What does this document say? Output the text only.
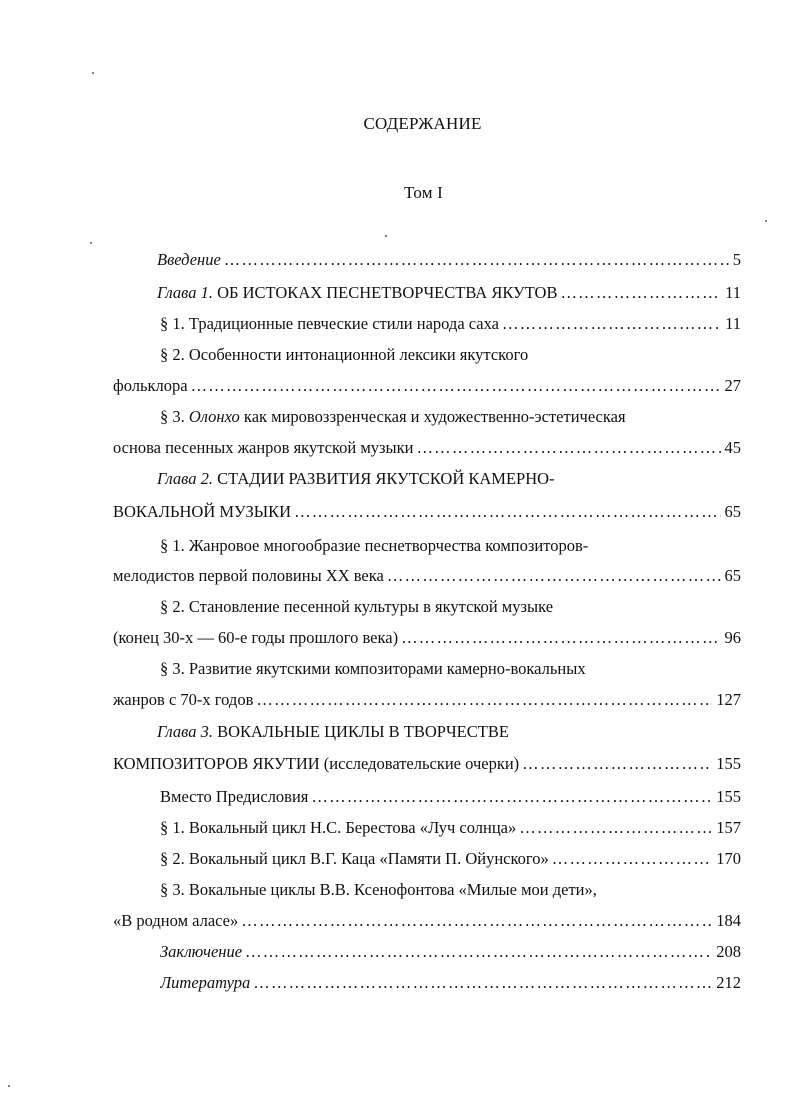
СОДЕРЖАНИЕ
Том I
Введение ……………………………………………………………………………………………………………………………………………………………	5
Глава 1. ОБ ИСТОКАХ ПЕСНЕТВОРЧЕСТВА ЯКУТОВ ……………………………………………………………………………………………………………………………………………………………	11
§ 1. Традиционные певческие стили народа саха ……………………………………………………………………………………………………………………………………………………………	11
§ 2. Особенности интонационной лексики якутского
фольклора ……………………………………………………………………………………………………………………………………………………………	27
§ 3. Олонхо как мировоззренческая и художественно-эстетическая
основа песенных жанров якутской музыки ……………………………………………………………………………………………………………………………………………………………	45
Глава 2. СТАДИИ РАЗВИТИЯ ЯКУТСКОЙ КАМЕРНО-
ВОКАЛЬНОЙ МУЗЫКИ ……………………………………………………………………………………………………………………………………………………………	65
§ 1. Жанровое многообразие песнетворчества композиторов-
мелодистов первой половины XX века ……………………………………………………………………………………………………………………………………………………………	65
§ 2. Становление песенной культуры в якутской музыке
(конец 30-х — 60-е годы прошлого века) ……………………………………………………………………………………………………………………………………………………………	96
§ 3. Развитие якутскими композиторами камерно-вокальных
жанров с 70-х годов ……………………………………………………………………………………………………………………………………………………………	127
Глава 3. ВОКАЛЬНЫЕ ЦИКЛЫ В ТВОРЧЕСТВЕ
КОМПОЗИТОРОВ ЯКУТИИ (исследовательские очерки) ……………………………………………………………………………………………………………………………………………………………	155
Вместо Предисловия ……………………………………………………………………………………………………………………………………………………………	155
§ 1. Вокальный цикл Н.С. Берестова «Луч солнца» ……………………………………………………………………………………………………………………………………………………………	157
§ 2. Вокальный цикл В.Г. Каца «Памяти П. Ойунского» ……………………………………………………………………………………………………………………………………………………………	170
§ 3. Вокальные циклы В.В. Ксенофонтова «Милые мои дети»,
«В родном аласе» ……………………………………………………………………………………………………………………………………………………………	184
Заключение ……………………………………………………………………………………………………………………………………………………………	208
Литература ……………………………………………………………………………………………………………………………………………………………	212
